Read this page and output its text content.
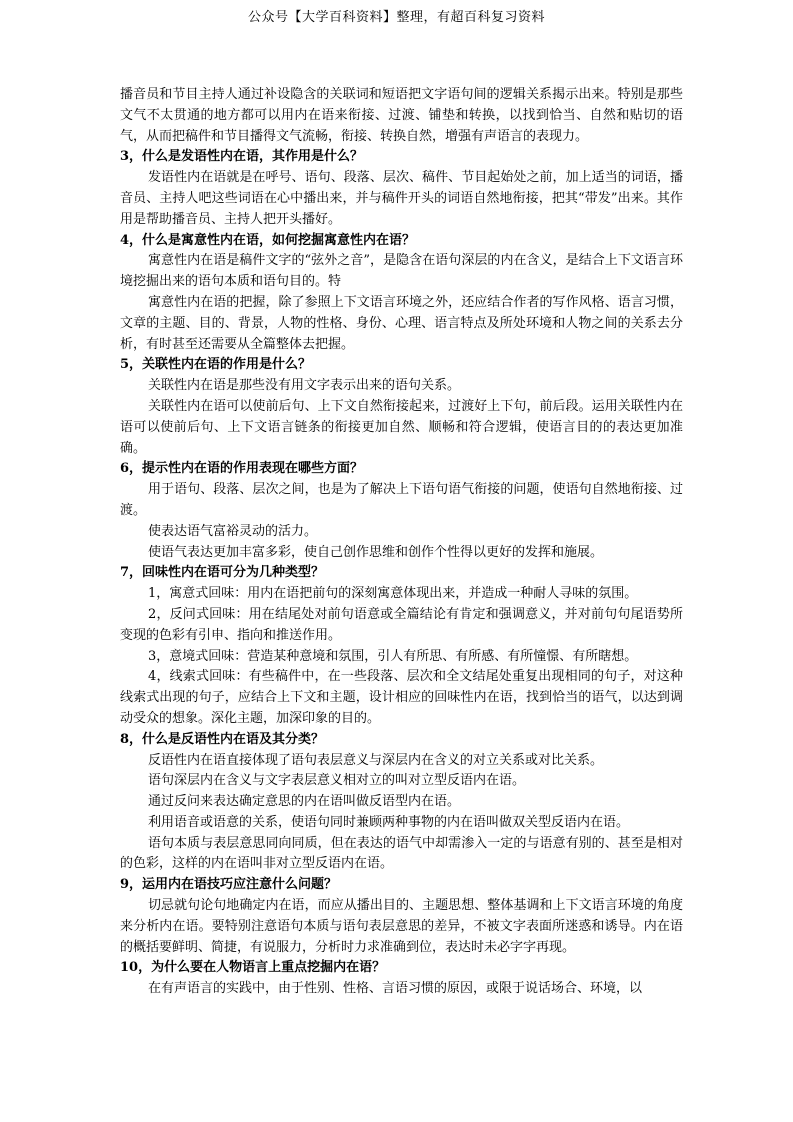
公众号【大学百科资料】整理，有超百科复习资料

播音员和节目主持人通过补设隐含的关联词和短语把文字语句间的逻辑关系揭示出来。特别是那些文气不太贯通的地方都可以用内在语来衔接、过渡、铺垫和转换，以找到恰当、自然和贴切的语气，从而把稿件和节目播得文气流畅，衔接、转换自然，增强有声语言的表现力。

3，什么是发语性内在语，其作用是什么？

发语性内在语就是在呼号、语句、段落、层次、稿件、节目起始处之前，加上适当的词语，播音员、主持人吧这些词语在心中播出来，并与稿件开头的词语自然地衔接，把其“带发”出来。其作用是帮助播音员、主持人把开头播好。

4，什么是寓意性内在语，如何挖掘寓意性内在语？

寓意性内在语是稿件文字的“弦外之音”，是隐含在语句深层的内在含义，是结合上下文语言环境挖掘出来的语句本质和语句目的。特

寓意性内在语的把握，除了参照上下文语言环境之外，还应结合作者的写作风格、语言习惯，文章的主题、目的、背景，人物的性格、身份、心理、语言特点及所处环境和人物之间的关系去分析，有时甚至还需要从全篇整体去把握。

5，关联性内在语的作用是什么？

关联性内在语是那些没有用文字表示出来的语句关系。

关联性内在语可以使前后句、上下文自然衔接起来，过渡好上下句，前后段。运用关联性内在语可以使前后句、上下文语言链条的衔接更加自然、顺畅和符合逻辑，使语言目的的表达更加准确。

6，提示性内在语的作用表现在哪些方面？

用于语句、段落、层次之间，也是为了解决上下语句语气衔接的问题，使语句自然地衔接、过渡。

使表达语气富裕灵动的活力。

使语气表达更加丰富多彩，使自己创作思维和创作个性得以更好的发挥和施展。

7，回味性内在语可分为几种类型？

1，寓意式回味：用内在语把前句的深刻寓意体现出来，并造成一种耐人寻味的氛围。

2，反问式回味：用在结尾处对前句语意或全篇结论有肯定和强调意义，并对前句句尾语势所变现的色彩有引申、指向和推送作用。

3，意境式回味：营造某种意境和氛围，引人有所思、有所感、有所憧憬、有所瞎想。

4，线索式回味：有些稿件中，在一些段落、层次和全文结尾处重复出现相同的句子，对这种线索式出现的句子，应结合上下文和主题，设计相应的回味性内在语，找到恰当的语气，以达到调动受众的想象。深化主题，加深印象的目的。

8，什么是反语性内在语及其分类？

反语性内在语直接体现了语句表层意义与深层内在含义的对立关系或对比关系。

语句深层内在含义与文字表层意义相对立的叫对立型反语内在语。

通过反问来表达确定意思的内在语叫做反语型内在语。

利用语音或语意的关系，使语句同时兼顾两种事物的内在语叫做双关型反语内在语。

语句本质与表层意思同向同质，但在表达的语气中却需渗入一定的与语意有别的、甚至是相对的色彩，这样的内在语叫非对立型反语内在语。

9，运用内在语技巧应注意什么问题？

切忌就句论句地确定内在语，而应从播出目的、主题思想、整体基调和上下文语言环境的角度来分析内在语。要特别注意语句本质与语句表层意思的差异，不被文字表面所迷惑和诱导。内在语的概括要鲜明、简捷，有说服力，分析时力求准确到位，表达时未必字字再现。

10，为什么要在人物语言上重点挖掘内在语？

在有声语言的实践中，由于性别、性格、言语习惯的原因，或限于说话场合、环境，以
